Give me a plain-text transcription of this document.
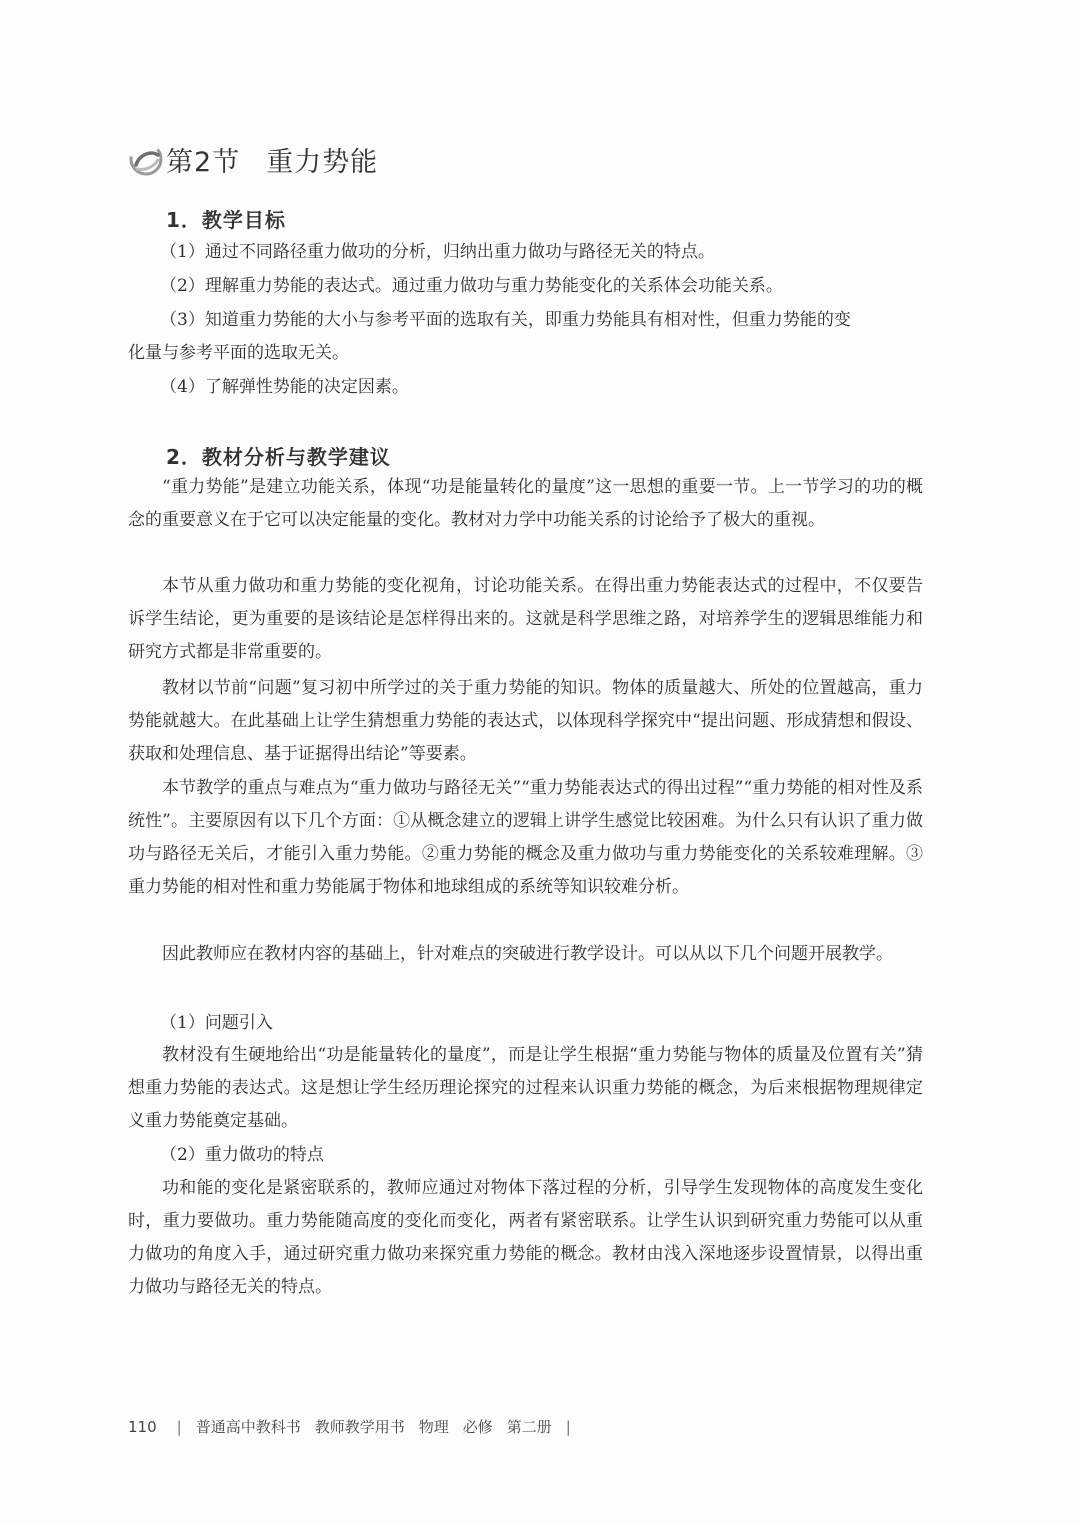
第2节 重力势能
1．教学目标
（1）通过不同路径重力做功的分析，归纳出重力做功与路径无关的特点。
（2）理解重力势能的表达式。通过重力做功与重力势能变化的关系体会功能关系。
（3）知道重力势能的大小与参考平面的选取有关，即重力势能具有相对性，但重力势能的变
化量与参考平面的选取无关。
（4）了解弹性势能的决定因素。
2．教材分析与教学建议
“重力势能”是建立功能关系，体现“功是能量转化的量度”这一思想的重要一节。上一节学习的功的概念的重要意义在于它可以决定能量的变化。教材对力学中功能关系的讨论给予了极大的重视。
本节从重力做功和重力势能的变化视角，讨论功能关系。在得出重力势能表达式的过程中，不仅要告诉学生结论，更为重要的是该结论是怎样得出来的。这就是科学思维之路，对培养学生的逻辑思维能力和研究方式都是非常重要的。
教材以节前“问题”复习初中所学过的关于重力势能的知识。物体的质量越大、所处的位置越高，重力势能就越大。在此基础上让学生猜想重力势能的表达式，以体现科学探究中“提出问题、形成猜想和假设、获取和处理信息、基于证据得出结论”等要素。
本节教学的重点与难点为“重力做功与路径无关”“重力势能表达式的得出过程”“重力势能的相对性及系统性”。主要原因有以下几个方面：①从概念建立的逻辑上讲学生感觉比较困难。为什么只有认识了重力做功与路径无关后，才能引入重力势能。②重力势能的概念及重力做功与重力势能变化的关系较难理解。③重力势能的相对性和重力势能属于物体和地球组成的系统等知识较难分析。
因此教师应在教材内容的基础上，针对难点的突破进行教学设计。可以从以下几个问题开展教学。
（1）问题引入
教材没有生硬地给出“功是能量转化的量度”，而是让学生根据“重力势能与物体的质量及位置有关”猜想重力势能的表达式。这是想让学生经历理论探究的过程来认识重力势能的概念，为后来根据物理规律定义重力势能奠定基础。
（2）重力做功的特点
功和能的变化是紧密联系的，教师应通过对物体下落过程的分析，引导学生发现物体的高度发生变化时，重力要做功。重力势能随高度的变化而变化，两者有紧密联系。让学生认识到研究重力势能可以从重力做功的角度入手，通过研究重力做功来探究重力势能的概念。教材由浅入深地逐步设置情景，以得出重力做功与路径无关的特点。
110 | 普通高中教科书 教师教学用书 物理 必修 第二册 |
